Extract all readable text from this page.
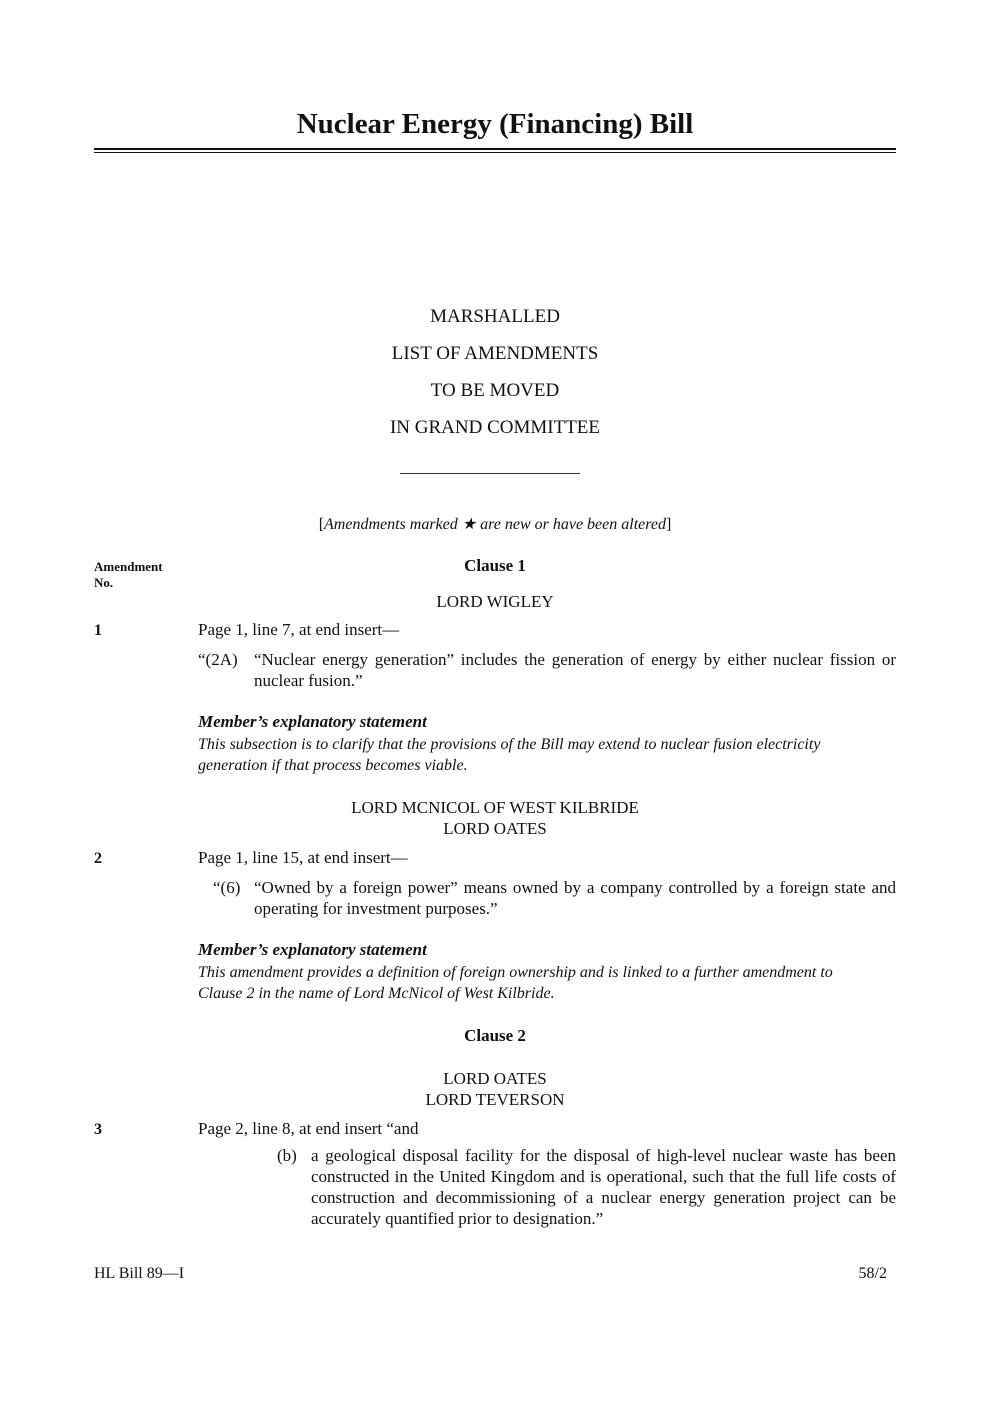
Nuclear Energy (Financing) Bill
MARSHALLED
LIST OF AMENDMENTS
TO BE MOVED
IN GRAND COMMITTEE
[Amendments marked ★ are new or have been altered]
Amendment
No.
Clause 1
LORD WIGLEY
1	Page 1, line 7, at end insert—
“(2A) “Nuclear energy generation” includes the generation of energy by either nuclear fission or nuclear fusion.”
Member’s explanatory statement
This subsection is to clarify that the provisions of the Bill may extend to nuclear fusion electricity generation if that process becomes viable.
LORD MCNICOL OF WEST KILBRIDE
LORD OATES
2	Page 1, line 15, at end insert—
“(6) “Owned by a foreign power” means owned by a company controlled by a foreign state and operating for investment purposes.”
Member’s explanatory statement
This amendment provides a definition of foreign ownership and is linked to a further amendment to Clause 2 in the name of Lord McNicol of West Kilbride.
Clause 2
LORD OATES
LORD TEVERSON
3	Page 2, line 8, at end insert “and
(b) a geological disposal facility for the disposal of high-level nuclear waste has been constructed in the United Kingdom and is operational, such that the full life costs of construction and decommissioning of a nuclear energy generation project can be accurately quantified prior to designation.”
HL Bill 89—I	58/2
